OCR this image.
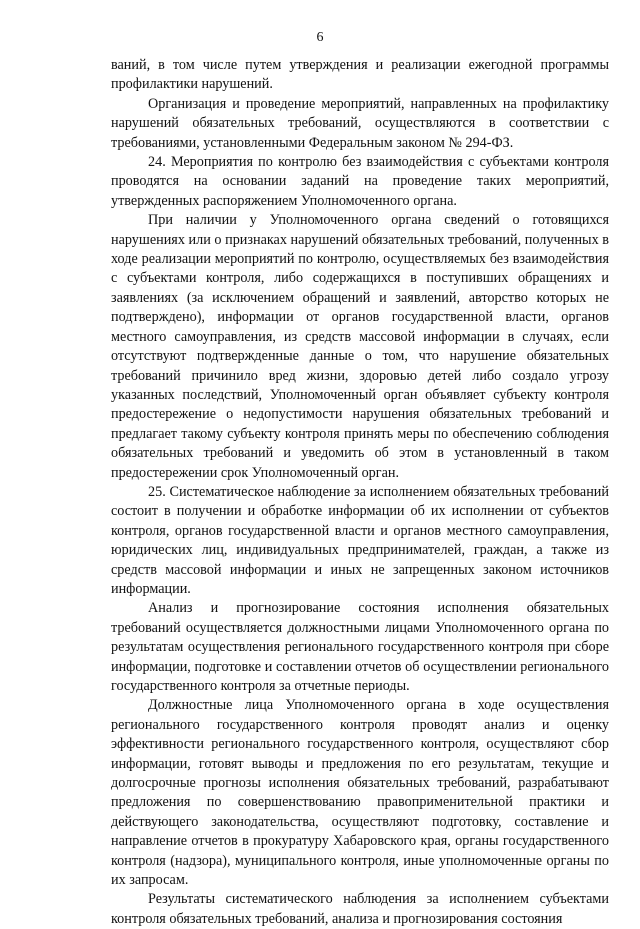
6

ваний, в том числе путем утверждения и реализации ежегодной программы профилактики нарушений.

Организация и проведение мероприятий, направленных на профилактику нарушений обязательных требований, осуществляются в соответствии с требованиями, установленными Федеральным законом № 294-ФЗ.

24. Мероприятия по контролю без взаимодействия с субъектами контроля проводятся на основании заданий на проведение таких мероприятий, утвержденных распоряжением Уполномоченного органа.

При наличии у Уполномоченного органа сведений о готовящихся нарушениях или о признаках нарушений обязательных требований, полученных в ходе реализации мероприятий по контролю, осуществляемых без взаимодействия с субъектами контроля, либо содержащихся в поступивших обращениях и заявлениях (за исключением обращений и заявлений, авторство которых не подтверждено), информации от органов государственной власти, органов местного самоуправления, из средств массовой информации в случаях, если отсутствуют подтвержденные данные о том, что нарушение обязательных требований причинило вред жизни, здоровью детей либо создало угрозу указанных последствий, Уполномоченный орган объявляет субъекту контроля предостережение о недопустимости нарушения обязательных требований и предлагает такому субъекту контроля принять меры по обеспечению соблюдения обязательных требований и уведомить об этом в установленный в таком предостережении срок Уполномоченный орган.

25. Систематическое наблюдение за исполнением обязательных требований состоит в получении и обработке информации об их исполнении от субъектов контроля, органов государственной власти и органов местного самоуправления, юридических лиц, индивидуальных предпринимателей, граждан, а также из средств массовой информации и иных не запрещенных законом источников информации.

Анализ и прогнозирование состояния исполнения обязательных требований осуществляется должностными лицами Уполномоченного органа по результатам осуществления регионального государственного контроля при сборе информации, подготовке и составлении отчетов об осуществлении регионального государственного контроля за отчетные периоды.

Должностные лица Уполномоченного органа в ходе осуществления регионального государственного контроля проводят анализ и оценку эффективности регионального государственного контроля, осуществляют сбор информации, готовят выводы и предложения по его результатам, текущие и долгосрочные прогнозы исполнения обязательных требований, разрабатывают предложения по совершенствованию правоприменительной практики и действующего законодательства, осуществляют подготовку, составление и направление отчетов в прокуратуру Хабаровского края, органы государственного контроля (надзора), муниципального контроля, иные уполномоченные органы по их запросам.

Результаты систематического наблюдения за исполнением субъектами контроля обязательных требований, анализа и прогнозирования состояния
